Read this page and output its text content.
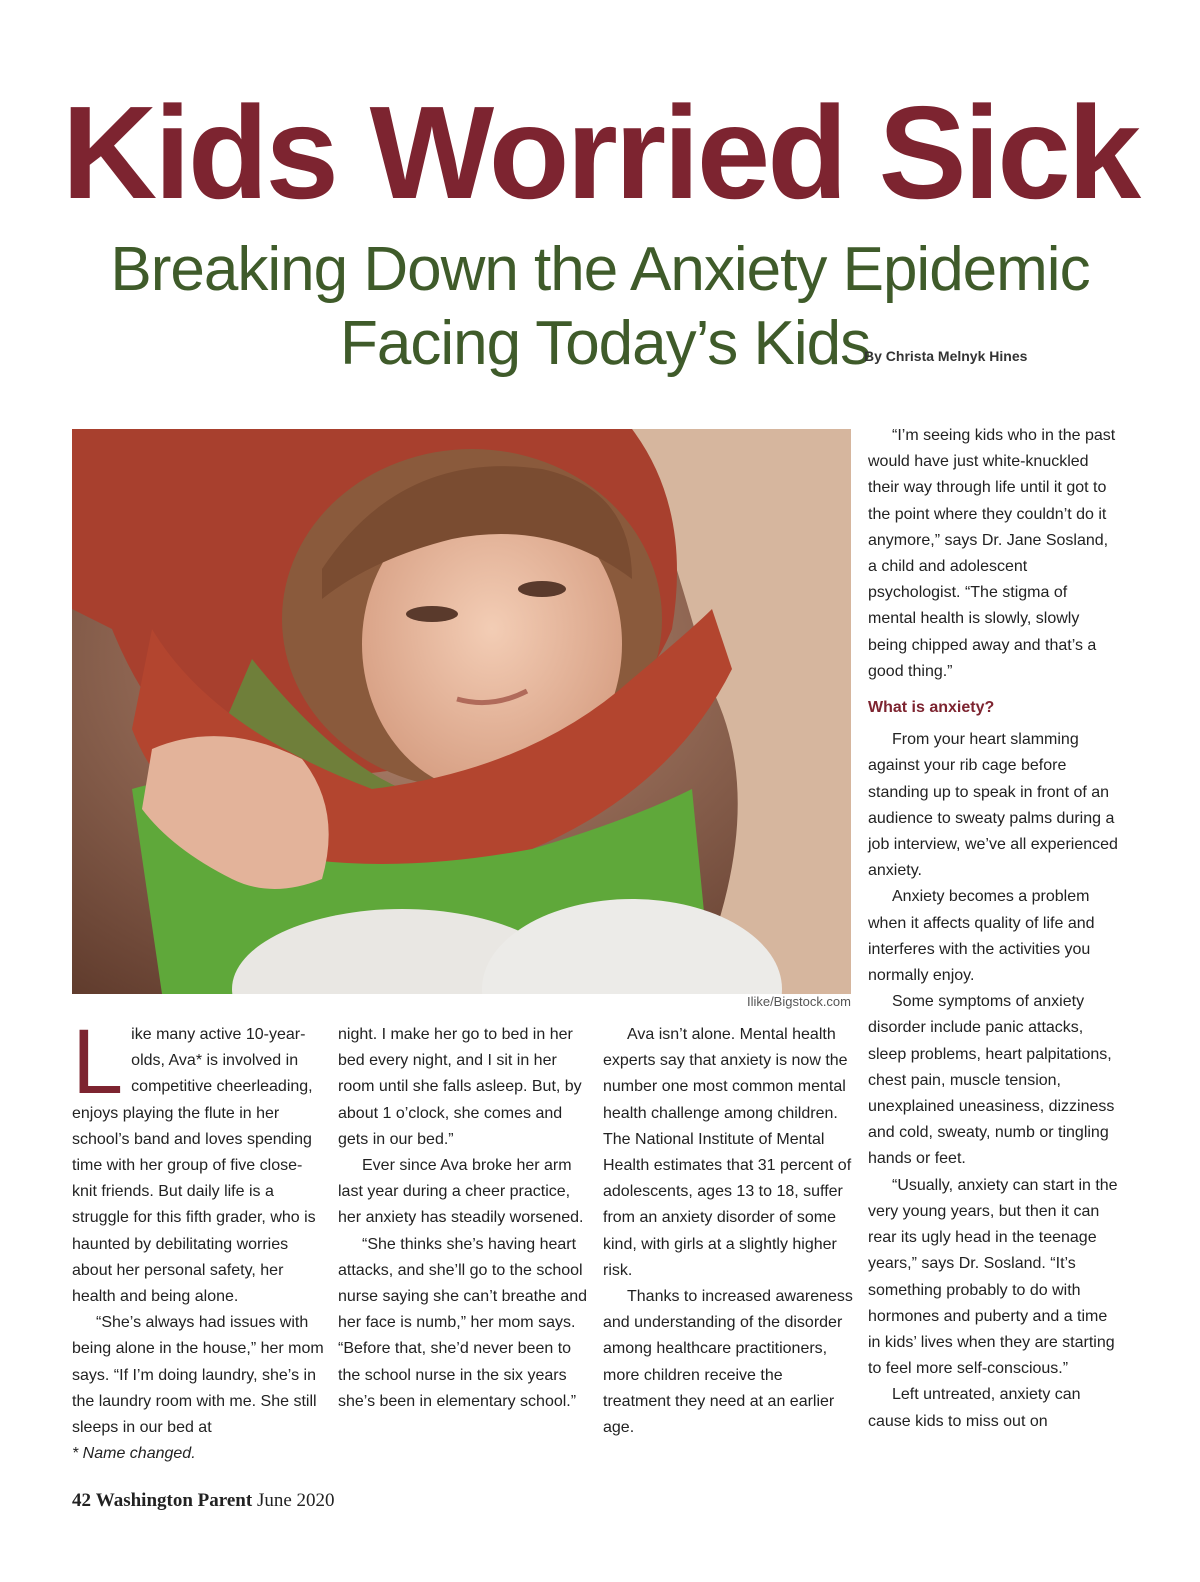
Kids Worried Sick
Breaking Down the Anxiety Epidemic
Facing Today’s Kids
By Christa Melnyk Hines
Ilike/Bigstock.com

Like many active 10-year-olds, Ava* is involved in competitive cheerleading, enjoys playing the flute in her school’s band and loves spending time with her group of five close-knit friends. But daily life is a struggle for this fifth grader, who is haunted by debilitating worries about her personal safety, her health and being alone.

“She’s always had issues with being alone in the house,” her mom says. “If I’m doing laundry, she’s in the laundry room with me. She still sleeps in our bed at

* Name changed.

night. I make her go to bed in her bed every night, and I sit in her room until she falls asleep. But, by about 1 o’clock, she comes and gets in our bed.”

Ever since Ava broke her arm last year during a cheer practice, her anxiety has steadily worsened.

“She thinks she’s having heart attacks, and she’ll go to the school nurse saying she can’t breathe and her face is numb,” her mom says. “Before that, she’d never been to the school nurse in the six years she’s been in elementary school.”

Ava isn’t alone. Mental health experts say that anxiety is now the number one most common mental health challenge among children. The National Institute of Mental Health estimates that 31 percent of adolescents, ages 13 to 18, suffer from an anxiety disorder of some kind, with girls at a slightly higher risk.

Thanks to increased awareness and understanding of the disorder among healthcare practitioners, more children receive the treatment they need at an earlier age.

“I’m seeing kids who in the past would have just white-knuckled their way through life until it got to the point where they couldn’t do it anymore,” says Dr. Jane Sosland, a child and adolescent psychologist. “The stigma of mental health is slowly, slowly being chipped away and that’s a good thing.”

What is anxiety?

From your heart slamming against your rib cage before standing up to speak in front of an audience to sweaty palms during a job interview, we’ve all experienced anxiety.

Anxiety becomes a problem when it affects quality of life and interferes with the activities you normally enjoy.

Some symptoms of anxiety disorder include panic attacks, sleep problems, heart palpitations, chest pain, muscle tension, unexplained uneasiness, dizziness and cold, sweaty, numb or tingling hands or feet.

“Usually, anxiety can start in the very young years, but then it can rear its ugly head in the teenage years,” says Dr. Sosland. “It’s something probably to do with hormones and puberty and a time in kids’ lives when they are starting to feel more self-conscious.”

Left untreated, anxiety can cause kids to miss out on

42 Washington Parent June 2020
